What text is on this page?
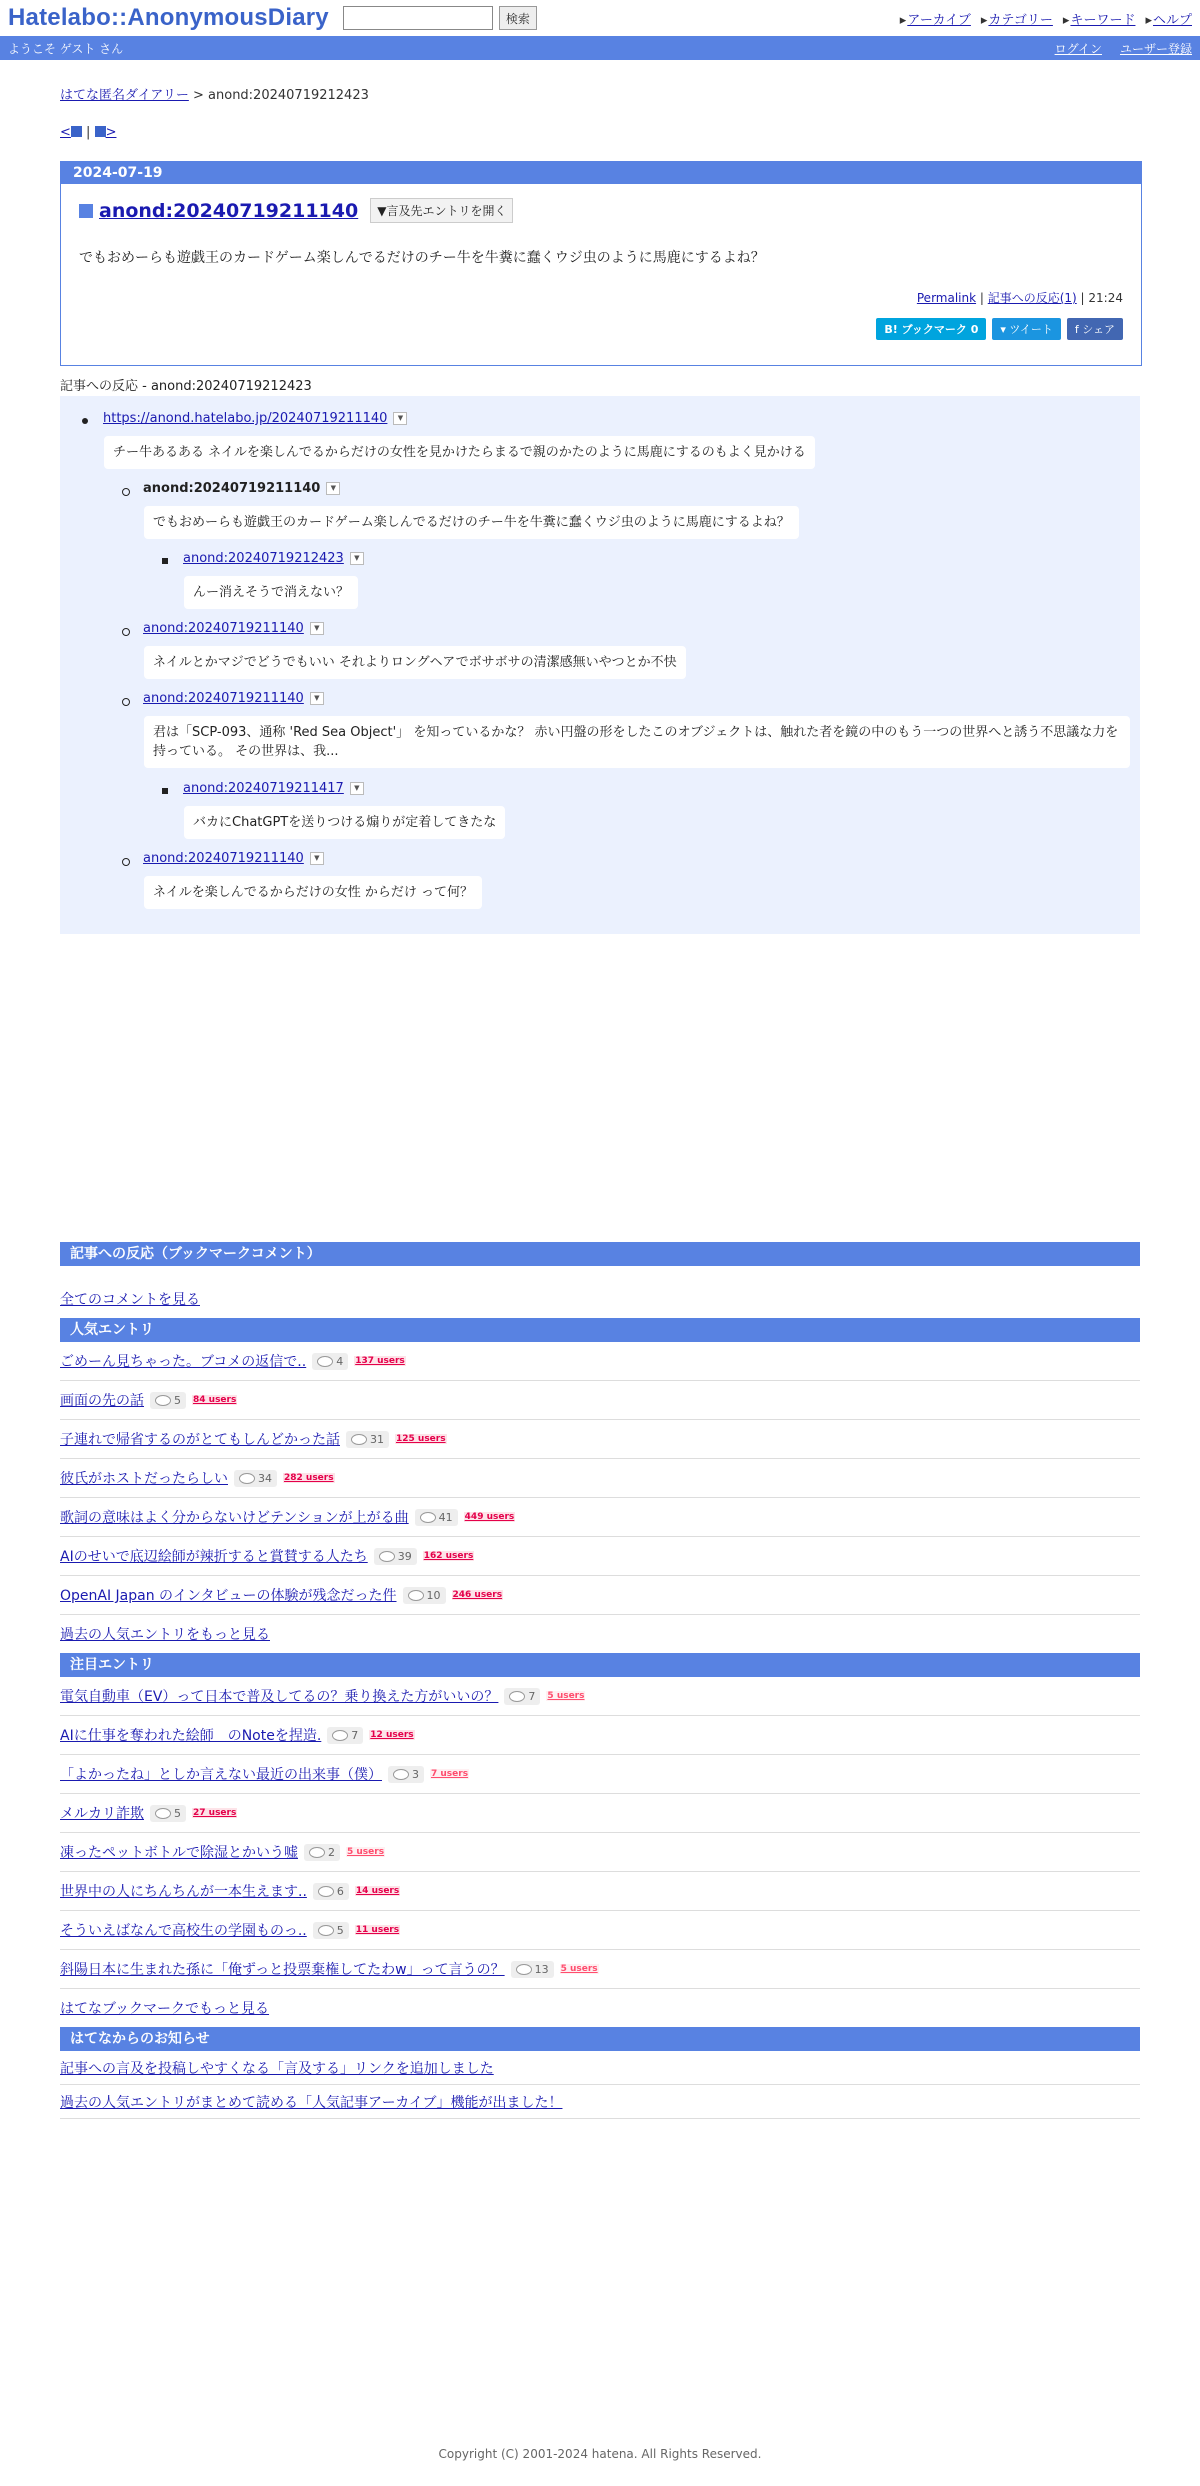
Hatelabo::AnonymousDiary	検索	▸ アーカイブ	▸ カテゴリー	▸ キーワード	▸ ヘルプ
ようこそ ゲスト さん	ログイン ユーザー登録
はてな匿名ダイアリー > anond:20240719212423
< | >
2024-07-19
anond:20240719211140	▼言及先エントリを開く
でもおめーらも遊戯王のカードゲーム楽しんでるだけのチー牛を牛糞に蠢くウジ虫のように馬鹿にするよね？
Permalink | 記事への反応(1) | 21:24
B! ブックマーク 0	▾ ツイート	f シェア
記事への反応 - anond:20240719212423
https://anond.hatelabo.jp/20240719211140	▼
チー牛あるある ネイルを楽しんでるからだけの女性を見かけたらまるで親のかたのように馬鹿にするのもよく見かける
anond:20240719211140	▼
でもおめーらも遊戯王のカードゲーム楽しんでるだけのチー牛を牛糞に蠢くウジ虫のように馬鹿にするよね？
anond:20240719212423	▼
んー消えそうで消えない？
anond:20240719211140	▼
ネイルとかマジでどうでもいい それよりロングヘアでボサボサの清潔感無いやつとか不快
anond:20240719211140	▼
君は「SCP-093、通称 'Red Sea Object'」 を知っているかな？ 赤い円盤の形をしたこのオブジェクトは、触れた者を鏡の中のもう一つの世界へと誘う不思議な力を持っている。 その世界は、我...
anond:20240719211417	▼
バカにChatGPTを送りつける煽りが定着してきたな
anond:20240719211140	▼
ネイルを楽しんでるからだけの女性 からだけ って何？
記事への反応（ブックマークコメント）
全てのコメントを見る
人気エントリ
ごめーん見ちゃった。ブコメの返信で..	4 137 users
画面の先の話	5 84 users
子連れで帰省するのがとてもしんどかった話	31 125 users
彼氏がホストだったらしい	34 282 users
歌詞の意味はよく分からないけどテンションが上がる曲	41 449 users
AIのせいで底辺絵師が辣折すると賞賛する人たち	39 162 users
OpenAI Japan のインタビューの体験が残念だった件	10 246 users
過去の人気エントリをもっと見る
注目エントリ
電気自動車（EV）って日本で普及してるの？乗り換えた方がいいの？	7 5 users
AIに仕事を奪われた絵師　のNoteを捏造.	7 12 users
「よかったね」としか言えない最近の出来事（僕）	3 7 users
メルカリ詐欺	5 27 users
凍ったペットボトルで除湿とかいう嘘	2 5 users
世界中の人にちんちんが一本生えます..	6 14 users
そういえばなんで高校生の学園ものっ..	5 11 users
斜陽日本に生まれた孫に「俺ずっと投票棄権してたわw」って言うの？	13 5 users
はてなブックマークでもっと見る
はてなからのお知らせ
記事への言及を投稿しやすくなる「言及する」リンクを追加しました
過去の人気エントリがまとめて読める「人気記事アーカイブ」機能が出ました！
Copyright (C) 2001-2024 hatena. All Rights Reserved.
